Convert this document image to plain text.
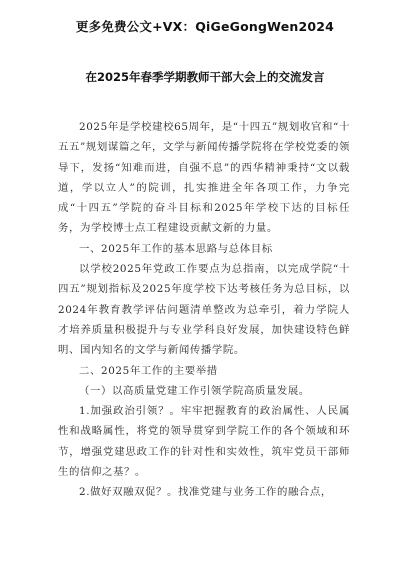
更多免费公文+VX：QiGeGongWen2024
在2025年春季学期教师干部大会上的交流发言

2025年是学校建校65周年，是“十四五”规划收官和“十五五”规划谋篇之年，文学与新闻传播学院将在学校党委的领导下，发扬“知难而进，自强不息”的西华精神秉持“文以载道，学以立人”的院训，扎实推进全年各项工作，力争完成“十四五”学院的奋斗目标和2025年学校下达的目标任务，为学校博士点工程建设贡献文新的力量。

一、2025年工作的基本思路与总体目标

以学校2025年党政工作要点为总指南，以完成学院“十四五”规划指标及2025年度学校下达考核任务为总目标，以2024年教育教学评估问题清单整改为总牵引，着力学院人才培养质量积极提升与专业学科良好发展，加快建设特色鲜明、国内知名的文学与新闻传播学院。

二、2025年工作的主要举措

（一）以高质量党建工作引领学院高质量发展。

1.加强政治引领？。牢牢把握教育的政治属性、人民属性和战略属性，将党的领导贯穿到学院工作的各个领域和环节，增强党建思政工作的针对性和实效性，筑牢党员干部师生的信仰之基？。

2.做好双融双促？。找准党建与业务工作的融合点，
